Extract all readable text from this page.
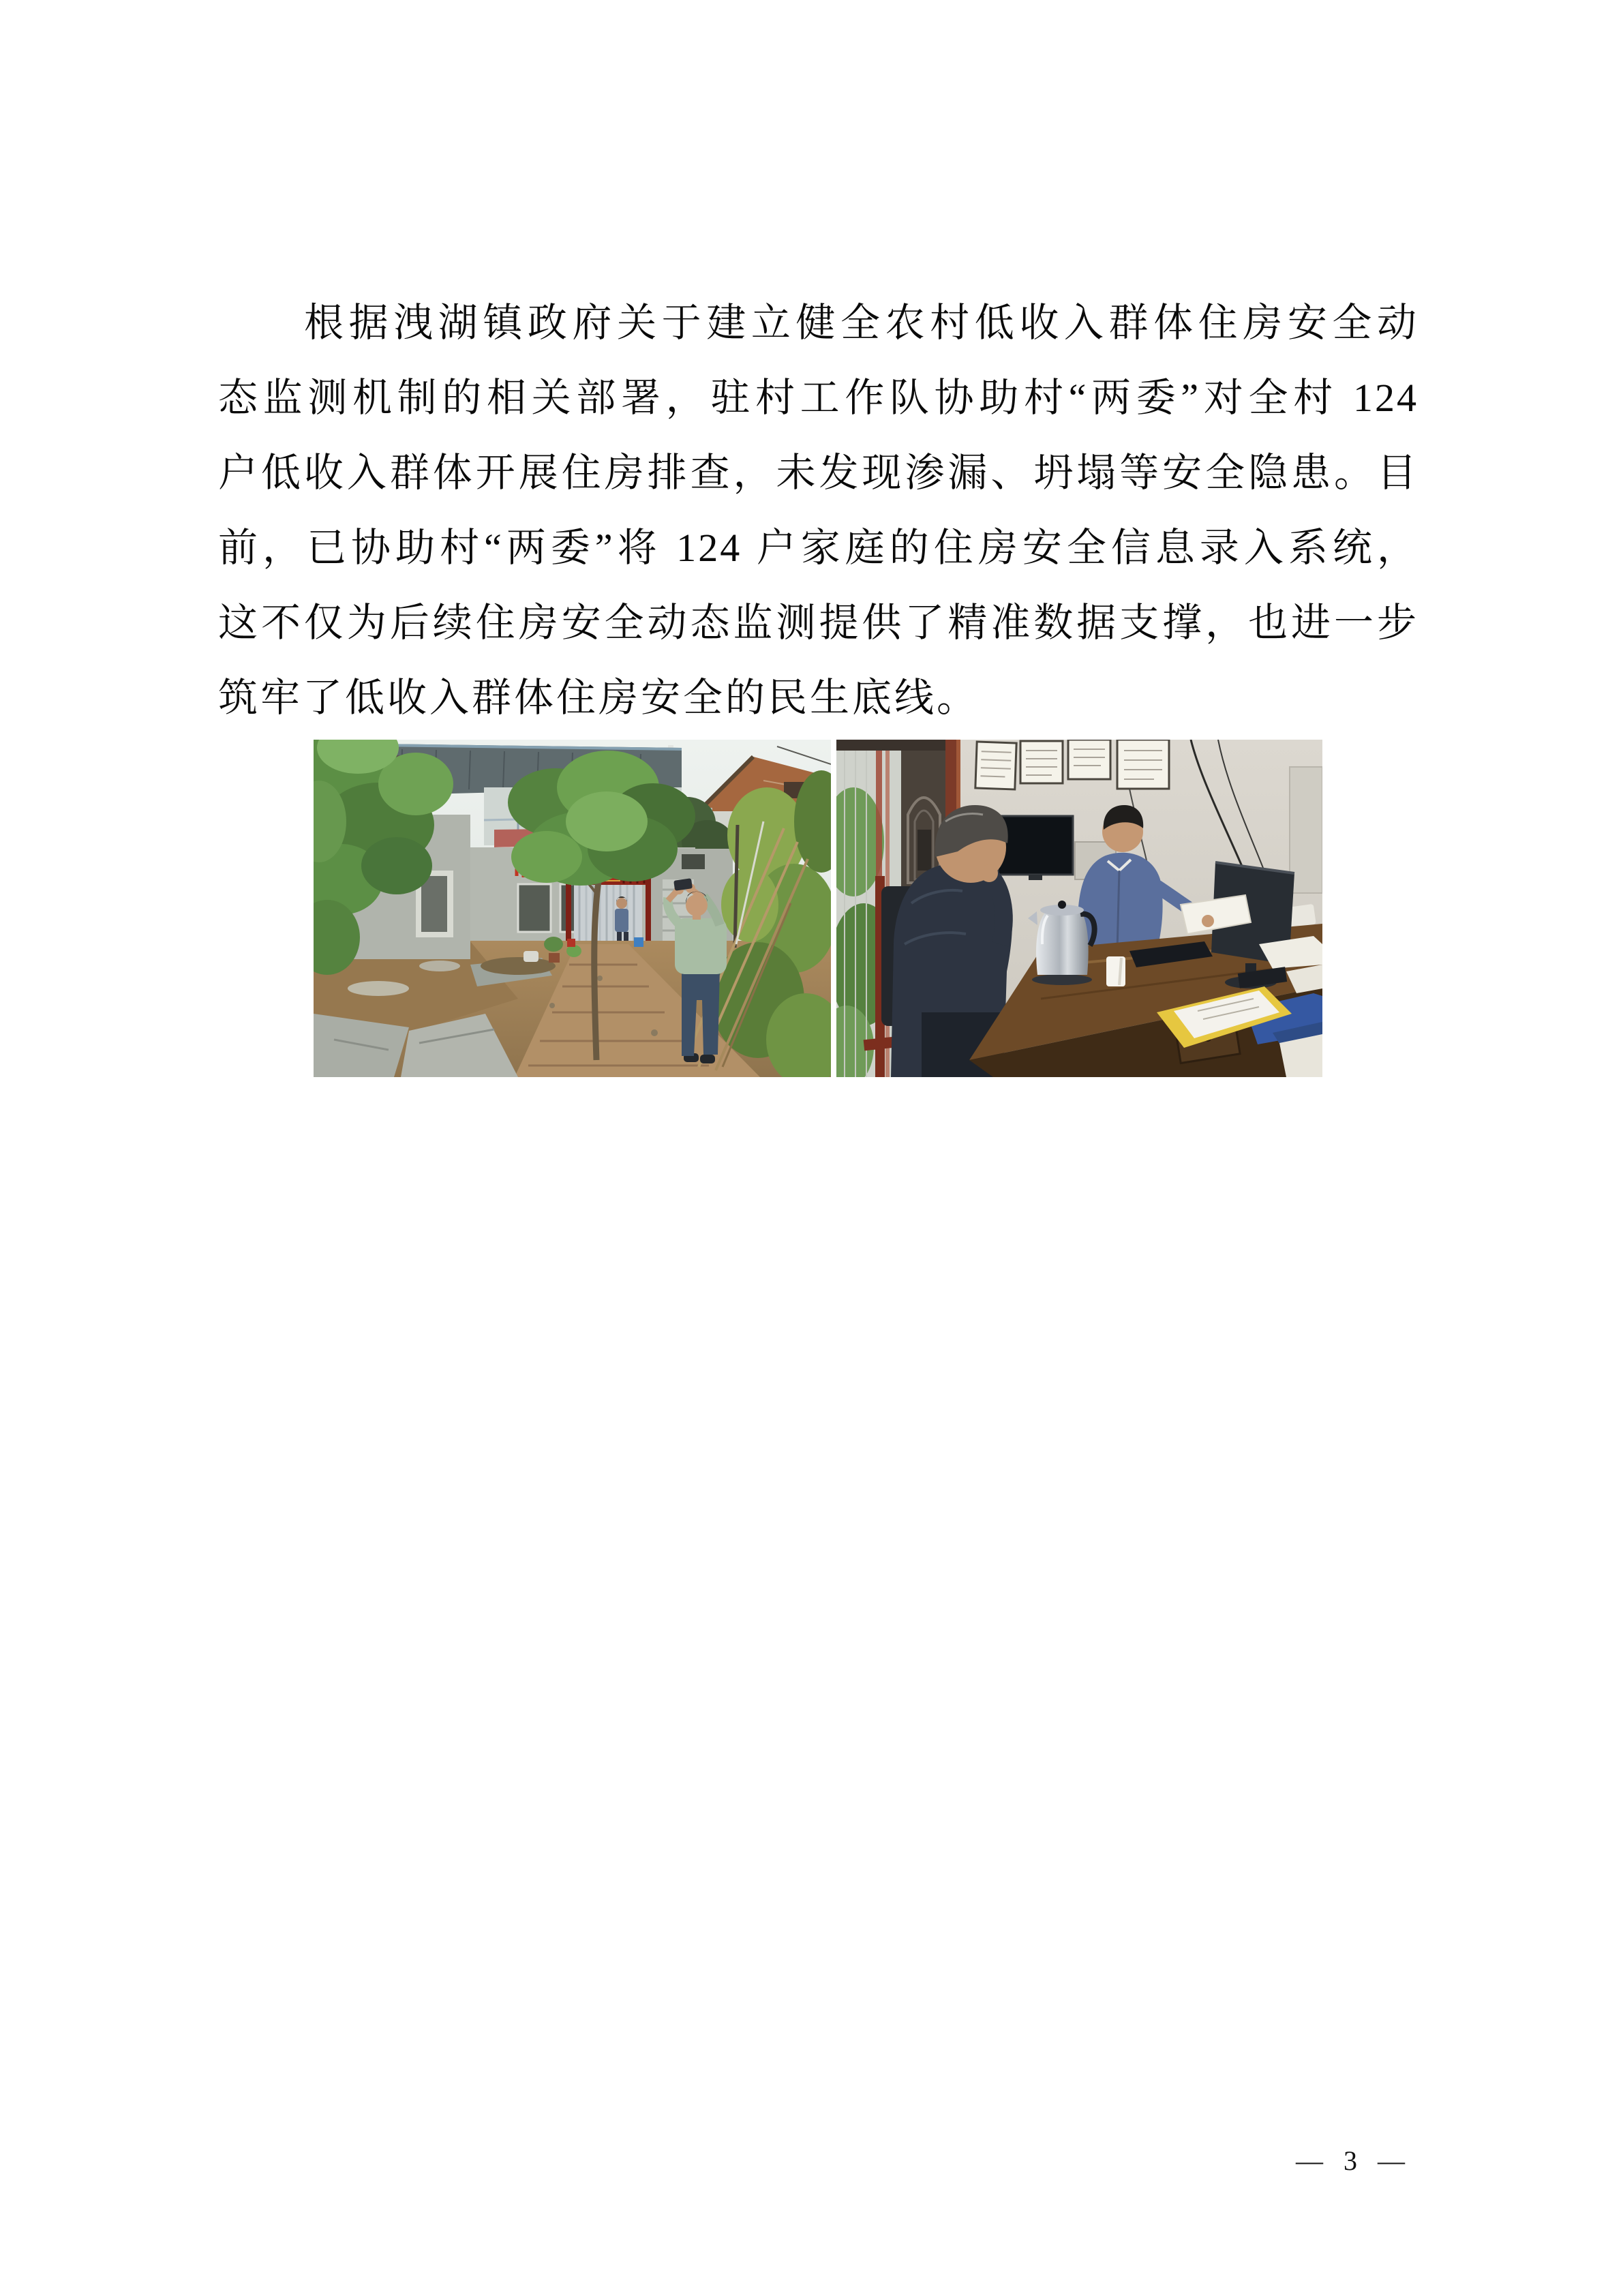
根据洩湖镇政府关于建立健全农村低收入群体住房安全动

态监测机制的相关部署，驻村工作队协助村“两委”对全村 124

户低收入群体开展住房排查，未发现渗漏、坍塌等安全隐患。目

前，已协助村“两委”将 124 户家庭的住房安全信息录入系统，

这不仅为后续住房安全动态监测提供了精准数据支撑，也进一步

筑牢了低收入群体住房安全的民生底线。

— 3 —
